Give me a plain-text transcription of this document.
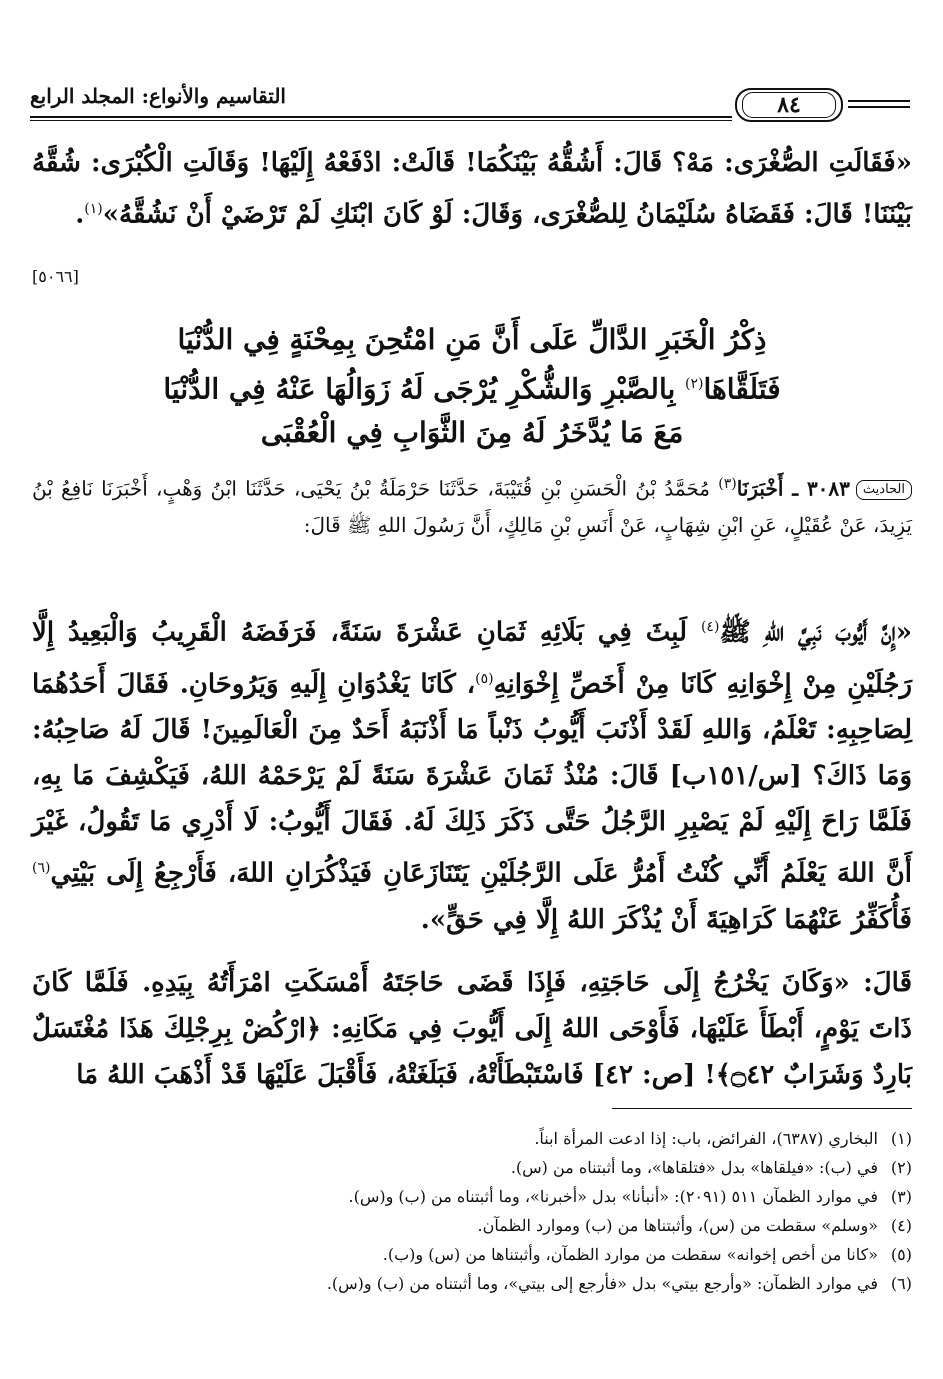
التقاسيم والأنواع: المجلد الرابع	٨٤
«فَقَالَتِ الصُّغْرَى: مَهْ؟ قَالَ: أَشُقُّهُ بَيْنَكُمَا! قَالَتْ: ادْفَعْهُ إِلَيْهَا! وَقَالَتِ الْكُبْرَى: شُقَّهُ بَيْنَنَا! قَالَ: فَقَضَاهُ سُلَيْمَانُ لِلصُّغْرَى، وَقَالَ: لَوْ كَانَ ابْنَكِ لَمْ تَرْضَيْ أَنْ نَشُقَّهُ»$^{(١)}$.
[٥٠٦٦]
ذِكْرُ الْخَبَرِ الدَّالِّ عَلَى أَنَّ مَنِ امْتُحِنَ بِمِحْنَةٍ فِي الدُّنْيَا
فَتَلَقَّاهَا$^{(٢)}$ بِالصَّبْرِ وَالشُّكْرِ يُرْجَى لَهُ زَوَالُهَا عَنْهُ فِي الدُّنْيَا
مَعَ مَا يُدَّخَرُ لَهُ مِنَ الثَّوَابِ فِي الْعُقْبَى
الحاديث٣٠٨٣ ـ أَخْبَرَنَا$^{(٣)}$ مُحَمَّدُ بْنُ الْحَسَنِ بْنِ قُتَيْبَةَ، حَدَّثَنَا حَرْمَلَةُ بْنُ يَحْيَى، حَدَّثَنَا ابْنُ وَهْبٍ، أَخْبَرَنَا نَافِعُ بْنُ يَزِيدَ، عَنْ عُقَيْلٍ، عَنِ ابْنِ شِهَابٍ، عَنْ أَنَسِ بْنِ مَالِكٍ، أَنَّ رَسُولَ اللهِ ﷺ قَالَ:
«إِنَّ أَيُّوبَ نَبِيَّ اللهِ ﷺ$^{(٤)}$ لَبِثَ فِي بَلَائِهِ ثَمَانِ عَشْرَةَ سَنَةً، فَرَفَضَهُ الْقَرِيبُ وَالْبَعِيدُ إِلَّا رَجُلَيْنِ مِنْ إِخْوَانِهِ كَانَا مِنْ أَخَصِّ إِخْوَانِهِ$^{(٥)}$، كَانَا يَغْدُوَانِ إِلَيهِ وَيَرُوحَانِ. فَقَالَ أَحَدُهُمَا لِصَاحِبِهِ: تَعْلَمُ، وَاللهِ لَقَدْ أَذْنَبَ أَيُّوبُ ذَنْباً مَا أَذْنَبَهُ أَحَدٌ مِنَ الْعَالَمِينَ! قَالَ لَهُ صَاحِبُهُ: وَمَا ذَاكَ؟ [س/١٥١ب] قَالَ: مُنْذُ ثَمَانَ عَشْرَةَ سَنَةً لَمْ يَرْحَمْهُ اللهُ، فَيَكْشِفَ مَا بِهِ، فَلَمَّا رَاحَ إِلَيْهِ لَمْ يَصْبِرِ الرَّجُلُ حَتَّى ذَكَرَ ذَلِكَ لَهُ. فَقَالَ أَيُّوبُ: لَا أَدْرِي مَا تَقُولُ، غَيْرَ أَنَّ اللهَ يَعْلَمُ أَنِّي كُنْتُ أَمُرُّ عَلَى الرَّجُلَيْنِ يَتَنَازَعَانِ فَيَذْكُرَانِ اللهَ، فَأَرْجِعُ إِلَى بَيْتِي$^{(٦)}$ فَأُكَفِّرُ عَنْهُمَا كَرَاهِيَةَ أَنْ يُذْكَرَ اللهُ إِلَّا فِي حَقٍّ».
قَالَ: «وَكَانَ يَخْرُجُ إِلَى حَاجَتِهِ، فَإِذَا قَضَى حَاجَتَهُ أَمْسَكَتِ امْرَأَتُهُ بِيَدِهِ. فَلَمَّا كَانَ ذَاتَ يَوْمٍ، أَبْطَأَ عَلَيْهَا، فَأَوْحَى اللهُ إِلَى أَيُّوبَ فِي مَكَانِهِ: ﴿ارْكُضْ بِرِجْلِكَ هَذَا مُغْتَسَلٌ بَارِدٌ وَشَرَابٌ ۝٤٢﴾! [ص: ٤٢] فَاسْتَبْطَأَتْهُ، فَبَلَغَتْهُ، فَأَقْبَلَ عَلَيْهَا قَدْ أَذْهَبَ اللهُ مَا
(١)البخاري (٦٣٨٧)، الفرائض، باب: إذا ادعت المرأة ابناً.
(٢)في (ب): «فيلقاها» بدل «فتلقاها»، وما أثبتناه من (س).
(٣)في موارد الظمآن ٥١١ (٢٠٩١): «أنبأنا» بدل «أخبرنا»، وما أثبتناه من (ب) و(س).
(٤)«وسلم» سقطت من (س)، وأثبتناها من (ب) وموارد الظمآن.
(٥)«كانا من أخص إخوانه» سقطت من موارد الظمآن، وأثبتناها من (س) و(ب).
(٦)في موارد الظمآن: «وأرجع بيتي» بدل «فأرجع إلى بيتي»، وما أثبتناه من (ب) و(س).
